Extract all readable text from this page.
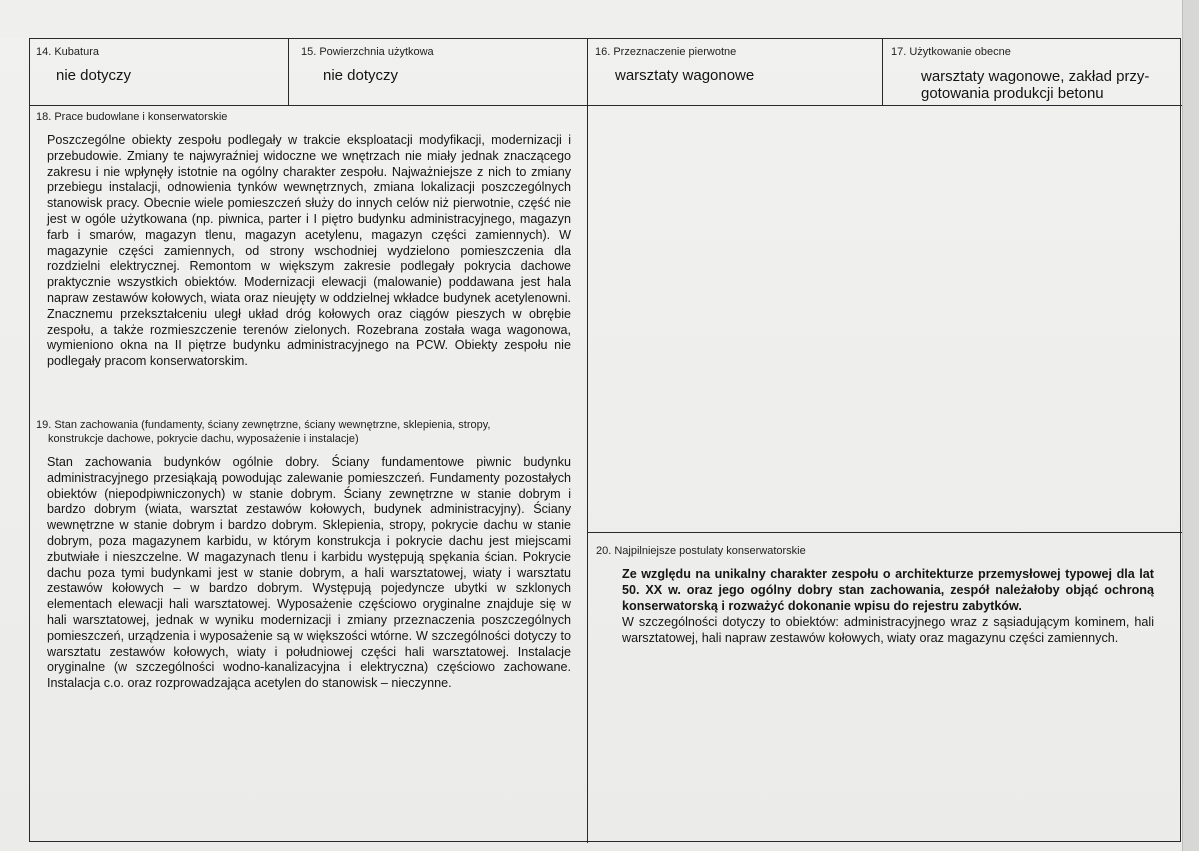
14. Kubatura
nie dotyczy
15. Powierzchnia użytkowa
nie dotyczy
16. Przeznaczenie pierwotne
warsztaty wagonowe
17. Użytkowanie obecne
warsztaty wagonowe, zakład przy-gotowania produkcji betonu
18. Prace budowlane i konserwatorskie
Poszczególne obiekty zespołu podlegały w trakcie eksploatacji modyfikacji, modernizacji i przebudowie. Zmiany te najwyraźniej widoczne we wnętrzach nie miały jednak znaczącego zakresu i nie wpłynęły istotnie na ogólny charakter zespołu. Najważniejsze z nich to zmiany przebiegu instalacji, odnowienia tynków wewnętrznych, zmiana lokalizacji poszczególnych stanowisk pracy. Obecnie wiele pomieszczeń służy do innych celów niż pierwotnie, część nie jest w ogóle użytkowana (np. piwnica, parter i I piętro budynku administracyjnego, magazyn farb i smarów, magazyn tlenu, magazyn acetylenu, magazyn części zamiennych). W magazynie części zamiennych, od strony wschodniej wydzielono pomieszczenia dla rozdzielni elektrycznej. Remontom w większym zakresie podlegały pokrycia dachowe praktycznie wszystkich obiektów. Modernizacji elewacji (malowanie) poddawana jest hala napraw zestawów kołowych, wiata oraz nieujęty w oddzielnej wkładce budynek acetylenowni. Znacznemu przekształceniu uległ układ dróg kołowych oraz ciągów pieszych w obrębie zespołu, a także rozmieszczenie terenów zielonych. Rozebrana została waga wagonowa, wymieniono okna na II piętrze budynku administracyjnego na PCW. Obiekty zespołu nie podlegały pracom konserwatorskim.
19. Stan zachowania (fundamenty, ściany zewnętrzne, ściany wewnętrzne, sklepienia, stropy,
konstrukcje dachowe, pokrycie dachu, wyposażenie i instalacje)
Stan zachowania budynków ogólnie dobry. Ściany fundamentowe piwnic budynku administracyjnego przesiąkają powodując zalewanie pomieszczeń. Fundamenty pozostałych obiektów (niepodpiwniczonych) w stanie dobrym. Ściany zewnętrzne w stanie dobrym i bardzo dobrym (wiata, warsztat zestawów kołowych, budynek administracyjny). Ściany wewnętrzne w stanie dobrym i bardzo dobrym. Sklepienia, stropy, pokrycie dachu w stanie dobrym, poza magazynem karbidu, w którym konstrukcja i pokrycie dachu jest miejscami zbutwiałe i nieszczelne. W magazynach tlenu i karbidu występują spękania ścian. Pokrycie dachu poza tymi budynkami jest w stanie dobrym, a hali warsztatowej, wiaty i warsztatu zestawów kołowych – w bardzo dobrym. Występują pojedyncze ubytki w szklonych elementach elewacji hali warsztatowej. Wyposażenie częściowo oryginalne znajduje się w hali warsztatowej, jednak w wyniku modernizacji i zmiany przeznaczenia poszczególnych pomieszczeń, urządzenia i wyposażenie są w większości wtórne. W szczególności dotyczy to warsztatu zestawów kołowych, wiaty i południowej części hali warsztatowej. Instalacje oryginalne (w szczególności wodno-kanalizacyjna i elektryczna) częściowo zachowane. Instalacja c.o. oraz rozprowadzająca acetylen do stanowisk – nieczynne.
20. Najpilniejsze postulaty konserwatorskie
Ze względu na unikalny charakter zespołu o architekturze przemysłowej typowej dla lat 50. XX w. oraz jego ogólny dobry stan zachowania, zespół należałoby objąć ochroną konserwatorską i rozważyć dokonanie wpisu do rejestru zabytków.
W szczególności dotyczy to obiektów: administracyjnego wraz z sąsiadującym kominem, hali warsztatowej, hali napraw zestawów kołowych, wiaty oraz magazynu części zamiennych.
